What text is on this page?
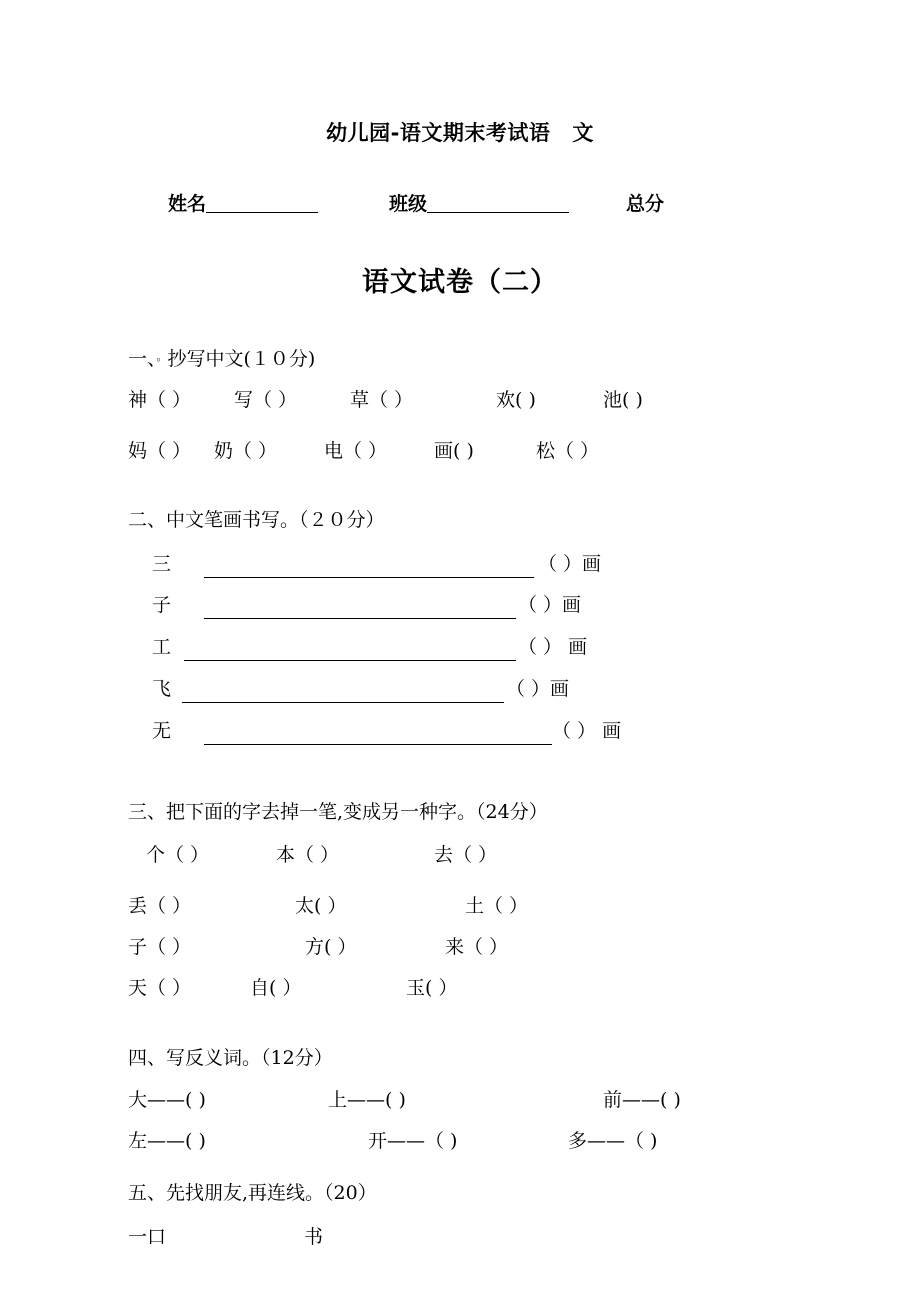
幼儿园-语文期末考试语 文
姓名	班级	总分
语文试卷（二）
一、。抄写中文(１０分)
神（ ） 写（ ）	草（ ）	欢( )	池( )
妈（ ） 奶（ ） 电（ ） 画( )	松（ ）
二、中文笔画书写。（２０分）
三	（ ）画
子	（ ）画
工	（ ） 画
飞	（ ）画
无	（ ） 画
三、把下面的字去掉一笔,变成另一种字。（24分）
个（ ）	本（ ）	去（ ）
丢（ ）	太( ）	土（ ）
子（ ）	方( ）	来（ ）
天（ ）	自( ）	玉( ）
四、写反义词。（12分）
大——( )	上——( )	前——( )
左——( )	开——（ )	多——（ )
五、先找朋友,再连线。（20）
一口	书
